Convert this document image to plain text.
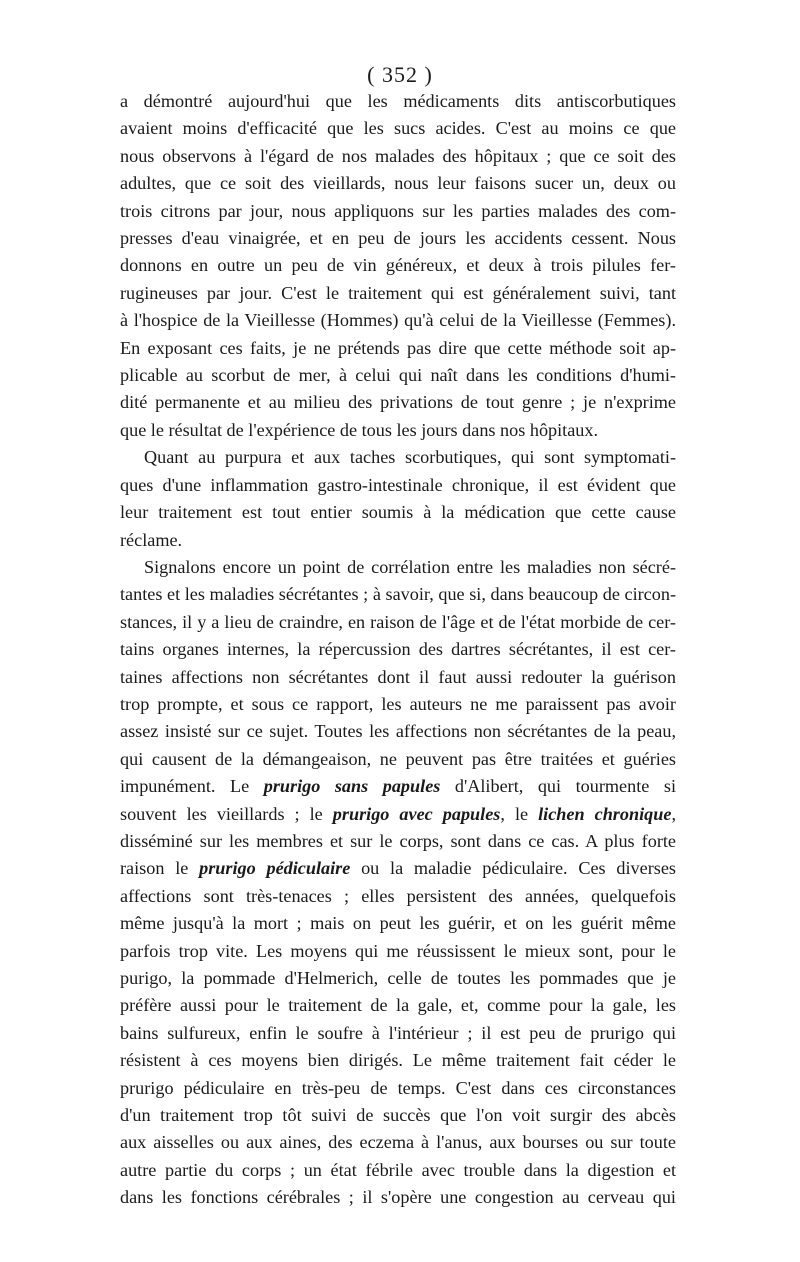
( 352 )
a démontré aujourd'hui que les médicaments dits antiscorbutiques
avaient moins d'efficacité que les sucs acides. C'est au moins ce que
nous observons à l'égard de nos malades des hôpitaux ; que ce soit des
adultes, que ce soit des vieillards, nous leur faisons sucer un, deux ou
trois citrons par jour, nous appliquons sur les parties malades des com-
presses d'eau vinaigrée, et en peu de jours les accidents cessent. Nous
donnons en outre un peu de vin généreux, et deux à trois pilules fer-
rugineuses par jour. C'est le traitement qui est généralement suivi, tant
à l'hospice de la Vieillesse (Hommes) qu'à celui de la Vieillesse (Femmes).
En exposant ces faits, je ne prétends pas dire que cette méthode soit ap-
plicable au scorbut de mer, à celui qui naît dans les conditions d'humi-
dité permanente et au milieu des privations de tout genre ; je n'exprime
que le résultat de l'expérience de tous les jours dans nos hôpitaux.
Quant au purpura et aux taches scorbutiques, qui sont symptomati-
ques d'une inflammation gastro-intestinale chronique, il est évident que
leur traitement est tout entier soumis à la médication que cette cause
réclame.
Signalons encore un point de corrélation entre les maladies non sécré-
tantes et les maladies sécrétantes ; à savoir, que si, dans beaucoup de circon-
stances, il y a lieu de craindre, en raison de l'âge et de l'état morbide de cer-
tains organes internes, la répercussion des dartres sécrétantes, il est cer-
taines affections non sécrétantes dont il faut aussi redouter la guérison
trop prompte, et sous ce rapport, les auteurs ne me paraissent pas avoir
assez insisté sur ce sujet. Toutes les affections non sécrétantes de la peau,
qui causent de la démangeaison, ne peuvent pas être traitées et guéries
impunément. Le prurigo sans papules d'Alibert, qui tourmente si
souvent les vieillards ; le prurigo avec papules, le lichen chronique,
disséminé sur les membres et sur le corps, sont dans ce cas. A plus forte
raison le prurigo pédiculaire ou la maladie pédiculaire. Ces diverses
affections sont très-tenaces ; elles persistent des années, quelquefois
même jusqu'à la mort ; mais on peut les guérir, et on les guérit même
parfois trop vite. Les moyens qui me réussissent le mieux sont, pour le
purigo, la pommade d'Helmerich, celle de toutes les pommades que je
préfère aussi pour le traitement de la gale, et, comme pour la gale, les
bains sulfureux, enfin le soufre à l'intérieur ; il est peu de prurigo qui
résistent à ces moyens bien dirigés. Le même traitement fait céder le
prurigo pédiculaire en très-peu de temps. C'est dans ces circonstances
d'un traitement trop tôt suivi de succès que l'on voit surgir des abcès
aux aisselles ou aux aines, des eczema à l'anus, aux bourses ou sur toute
autre partie du corps ; un état fébrile avec trouble dans la digestion et
dans les fonctions cérébrales ; il s'opère une congestion au cerveau qui
